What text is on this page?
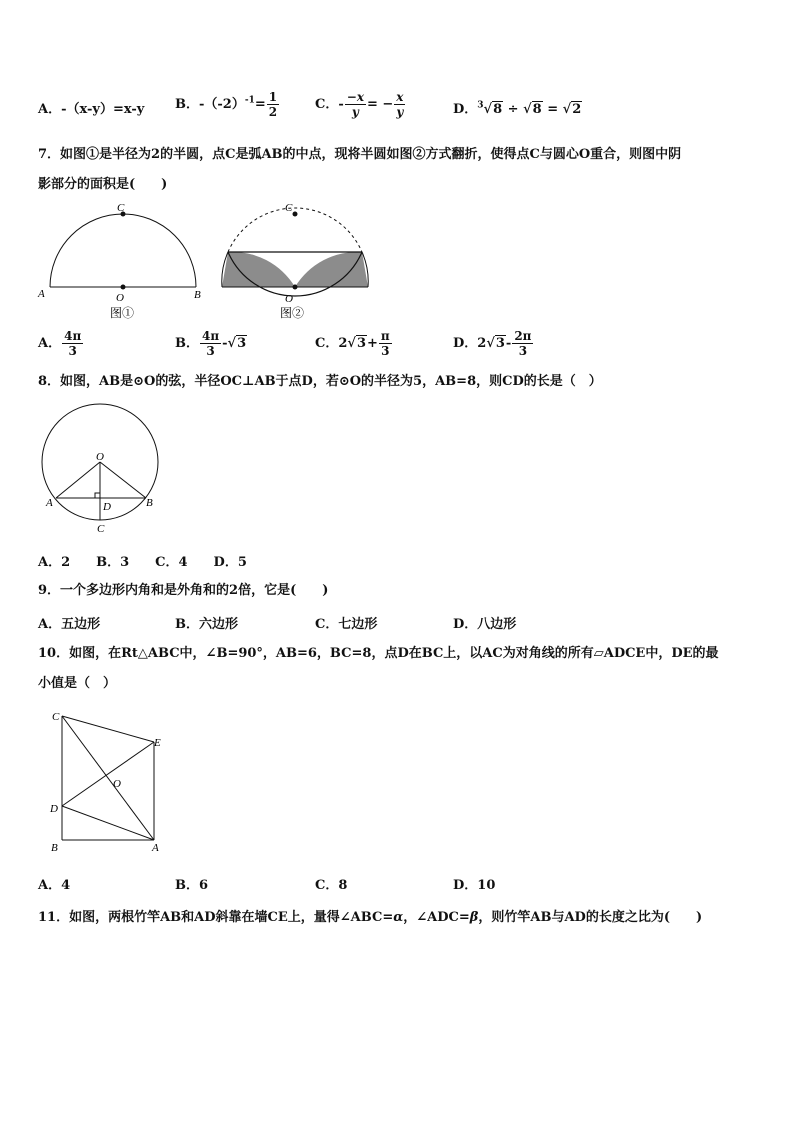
A．-（x-y）=x-y B．$-(-2)^{-1}= \frac{1}{2}$	C．- $\frac{-x}{y}$ = − $\frac{x}{y}$	D．$^3$√8 ÷ √8 = √2
7．如图①是半径为2的半圆，点C是弧AB的中点，现将半圆如图②方式翻折，使得点C与圆心O重合，则图中阴
影部分的面积是(　　)
C
A	O	B
图①
C
O
图②
A． $\frac{4\pi}{3}$	B． $\frac{4\pi}{3} -√3$	C．$2√3+ \frac{\pi}{3}$	D．$2√3- \frac{2\pi}{3}$
8．如图，AB是⊙O的弦，半径OC⊥AB于点D，若⊙O的半径为5，AB=8，则CD的长是（　）
O
A	B
D
C
A．2　　B．3　　C．4　　D．5
9．一个多边形内角和是外角和的2倍，它是(　　)
A．五边形	B．六边形	C．七边形	D．八边形
10．如图，在Rt△ABC中，∠B=90°，AB=6，BC=8，点D在BC上，以AC为对角线的所有▱ADCE中，DE的最
小值是（　）
C
E
O
D
B	A
A．4	B．6	C．8	D．10
11．如图，两根竹竿AB和AD斜靠在墙CE上，量得∠ABC=α，∠ADC=β，则竹竿AB与AD的长度之比为(　　)
